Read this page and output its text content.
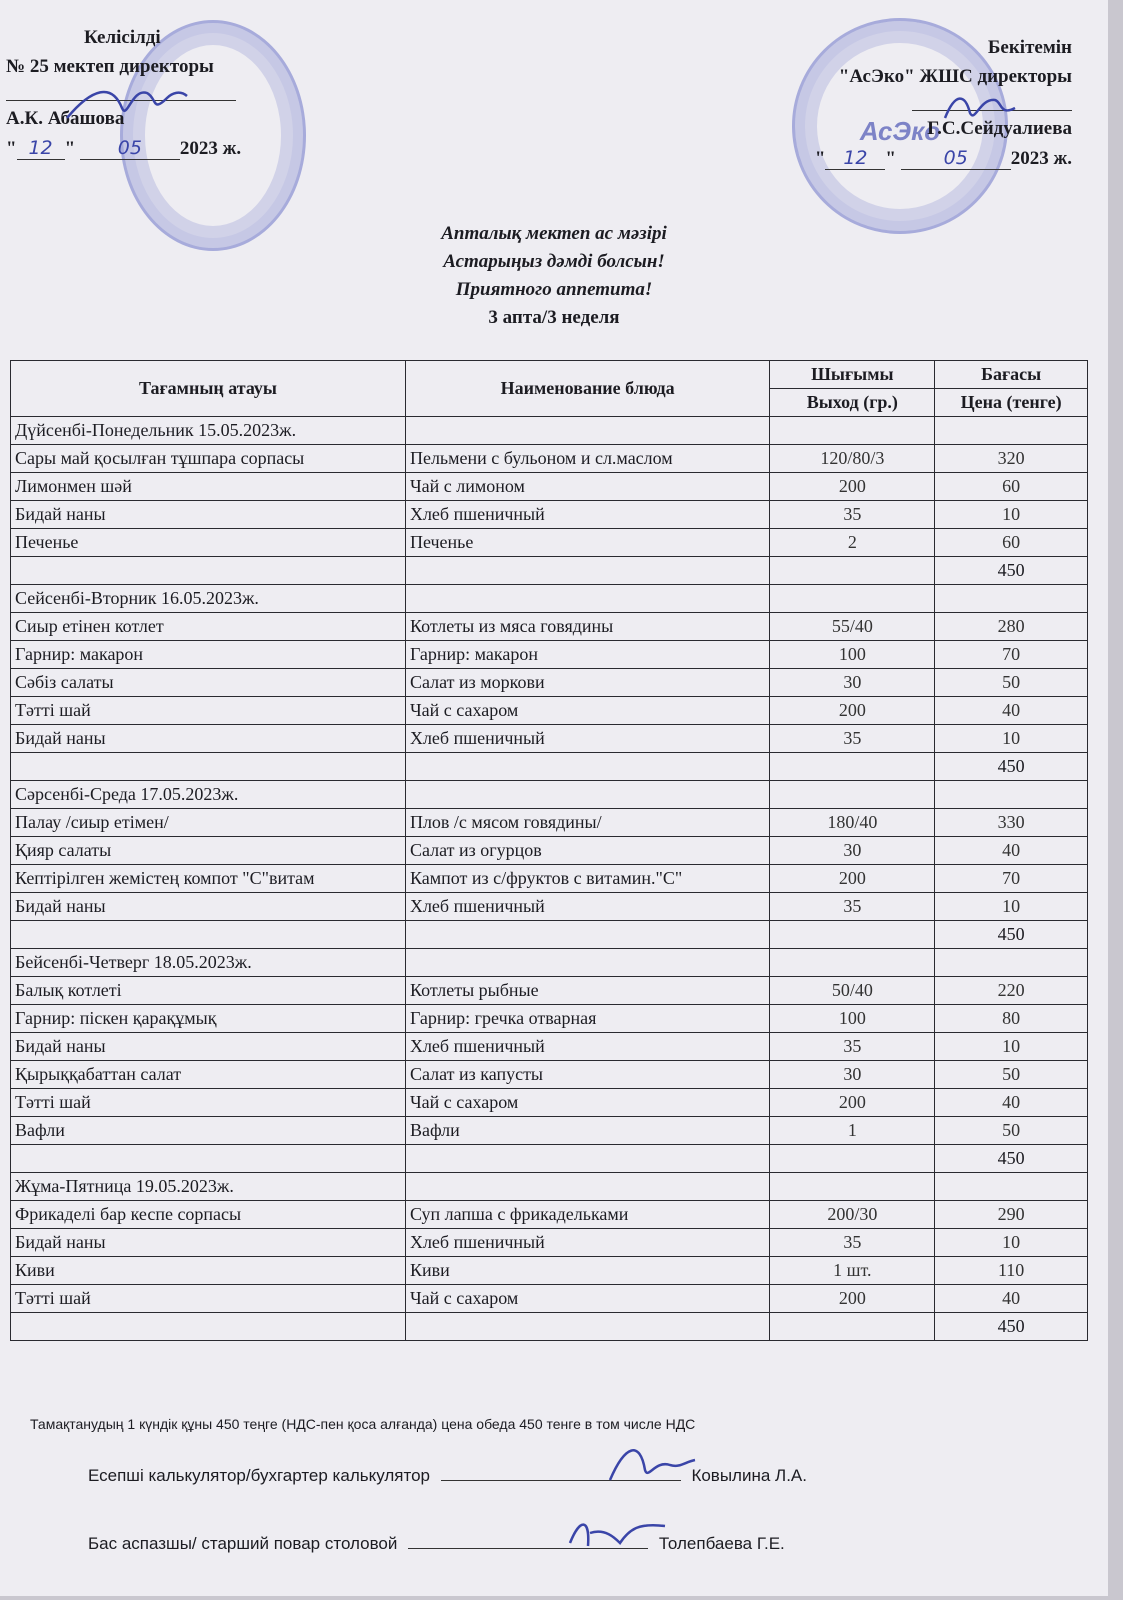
АсЭко
Келісілді
№ 25 мектеп директоры
А.К. Абашова
" 12 " 05 2023 ж.
Бекітемін
"АсЭко" ЖШС директоры
Г.С.Сейдуалиева
" 12 "	05 2023 ж.
Апталық мектеп ас мәзірі
Астарыңыз дәмді болсын!
Приятного аппетита!
3 апта/3 неделя
Тағамның атауы	Наименование блюда	Шығымы	Бағасы
		Выход (гр.)	Цена (тенге)
Дүйсенбі-Понедельник 15.05.2023ж.			
Сары май қосылған тұшпара сорпасы	Пельмени с бульоном и сл.маслом	120/80/3	320
Лимонмен шәй	Чай с лимоном	200	60
Бидай наны	Хлеб пшеничный	35	10
Печенье	Печенье	2	60
			450
Сейсенбі-Вторник 16.05.2023ж.			
Сиыр етінен котлет	Котлеты из мяса говядины	55/40	280
Гарнир: макарон	Гарнир: макарон	100	70
Сәбіз салаты	Салат из моркови	30	50
Тәтті шай	Чай с сахаром	200	40
Бидай наны	Хлеб пшеничный	35	10
			450
Сәрсенбі-Среда 17.05.2023ж.			
Палау /сиыр етімен/	Плов /с мясом говядины/	180/40	330
Қияр салаты	Салат из огурцов	30	40
Кептірілген жемістең компот "С"витам	Кампот из с/фруктов с витамин."С"	200	70
Бидай наны	Хлеб пшеничный	35	10
			450
Бейсенбі-Четверг 18.05.2023ж.			
Балық котлеті	Котлеты рыбные	50/40	220
Гарнир: піскен қарақұмық	Гарнир: гречка отварная	100	80
Бидай наны	Хлеб пшеничный	35	10
Қырыққабаттан салат	Салат из капусты	30	50
Тәтті шай	Чай с сахаром	200	40
Вафли	Вафли	1	50
			450
Жұма-Пятница 19.05.2023ж.			
Фрикаделі бар кеспе сорпасы	Суп лапша с фрикадельками	200/30	290
Бидай наны	Хлеб пшеничный	35	10
Киви	Киви	1 шт.	110
Тәтті шай	Чай с сахаром	200	40
			450
Тамақтанудың 1 күндік құны 450 теңге (НДС-пен қоса алғанда) цена обеда 450 тенге в том числе НДС
Есепші калькулятор/бухгартер калькулятор	Ковылина Л.А.
Бас аспазшы/ старший повар столовой	Толепбаева Г.Е.
